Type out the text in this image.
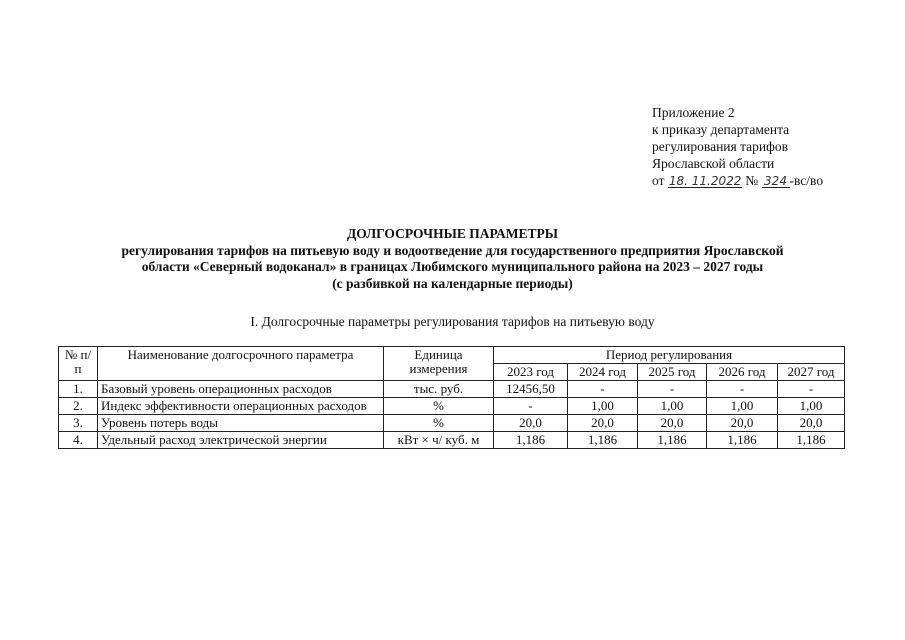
Приложение 2
к приказу департамента
регулирования тарифов
Ярославской области
от 18. 11.2022 № 324 -вс/во
ДОЛГОСРОЧНЫЕ ПАРАМЕТРЫ
регулирования тарифов на питьевую воду и водоотведение для государственного предприятия Ярославской
области «Северный водоканал» в границах Любимского муниципального района на 2023 – 2027 годы
(с разбивкой на календарные периоды)
I. Долгосрочные параметры регулирования тарифов на питьевую воду
№ п/п	Наименование долгосрочного параметра	Единица измерения	Период регулирования				
			2023 год	2024 год	2025 год	2026 год	2027 год
1.	Базовый уровень операционных расходов	тыс. руб.	12456,50	-	-	-	-
2.	Индекс эффективности операционных расходов	%	-	1,00	1,00	1,00	1,00
3.	Уровень потерь воды	%	20,0	20,0	20,0	20,0	20,0
4.	Удельный расход электрической энергии	кВт × ч/ куб. м	1,186	1,186	1,186	1,186	1,186
